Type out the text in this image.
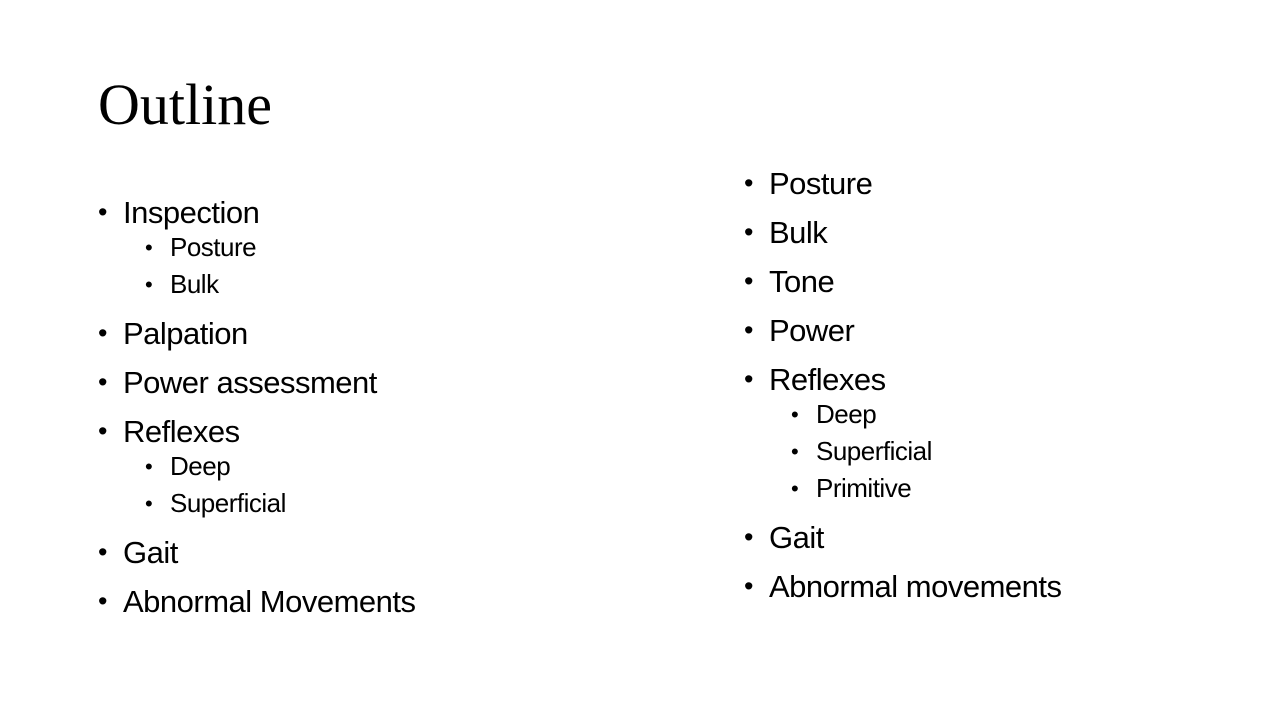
Outline
• Inspection
• Posture
• Bulk
• Palpation
• Power assessment
• Reflexes
• Deep
• Superficial
• Gait
• Abnormal Movements
• Posture
• Bulk
• Tone
• Power
• Reflexes
• Deep
• Superficial
• Primitive
• Gait
• Abnormal movements
